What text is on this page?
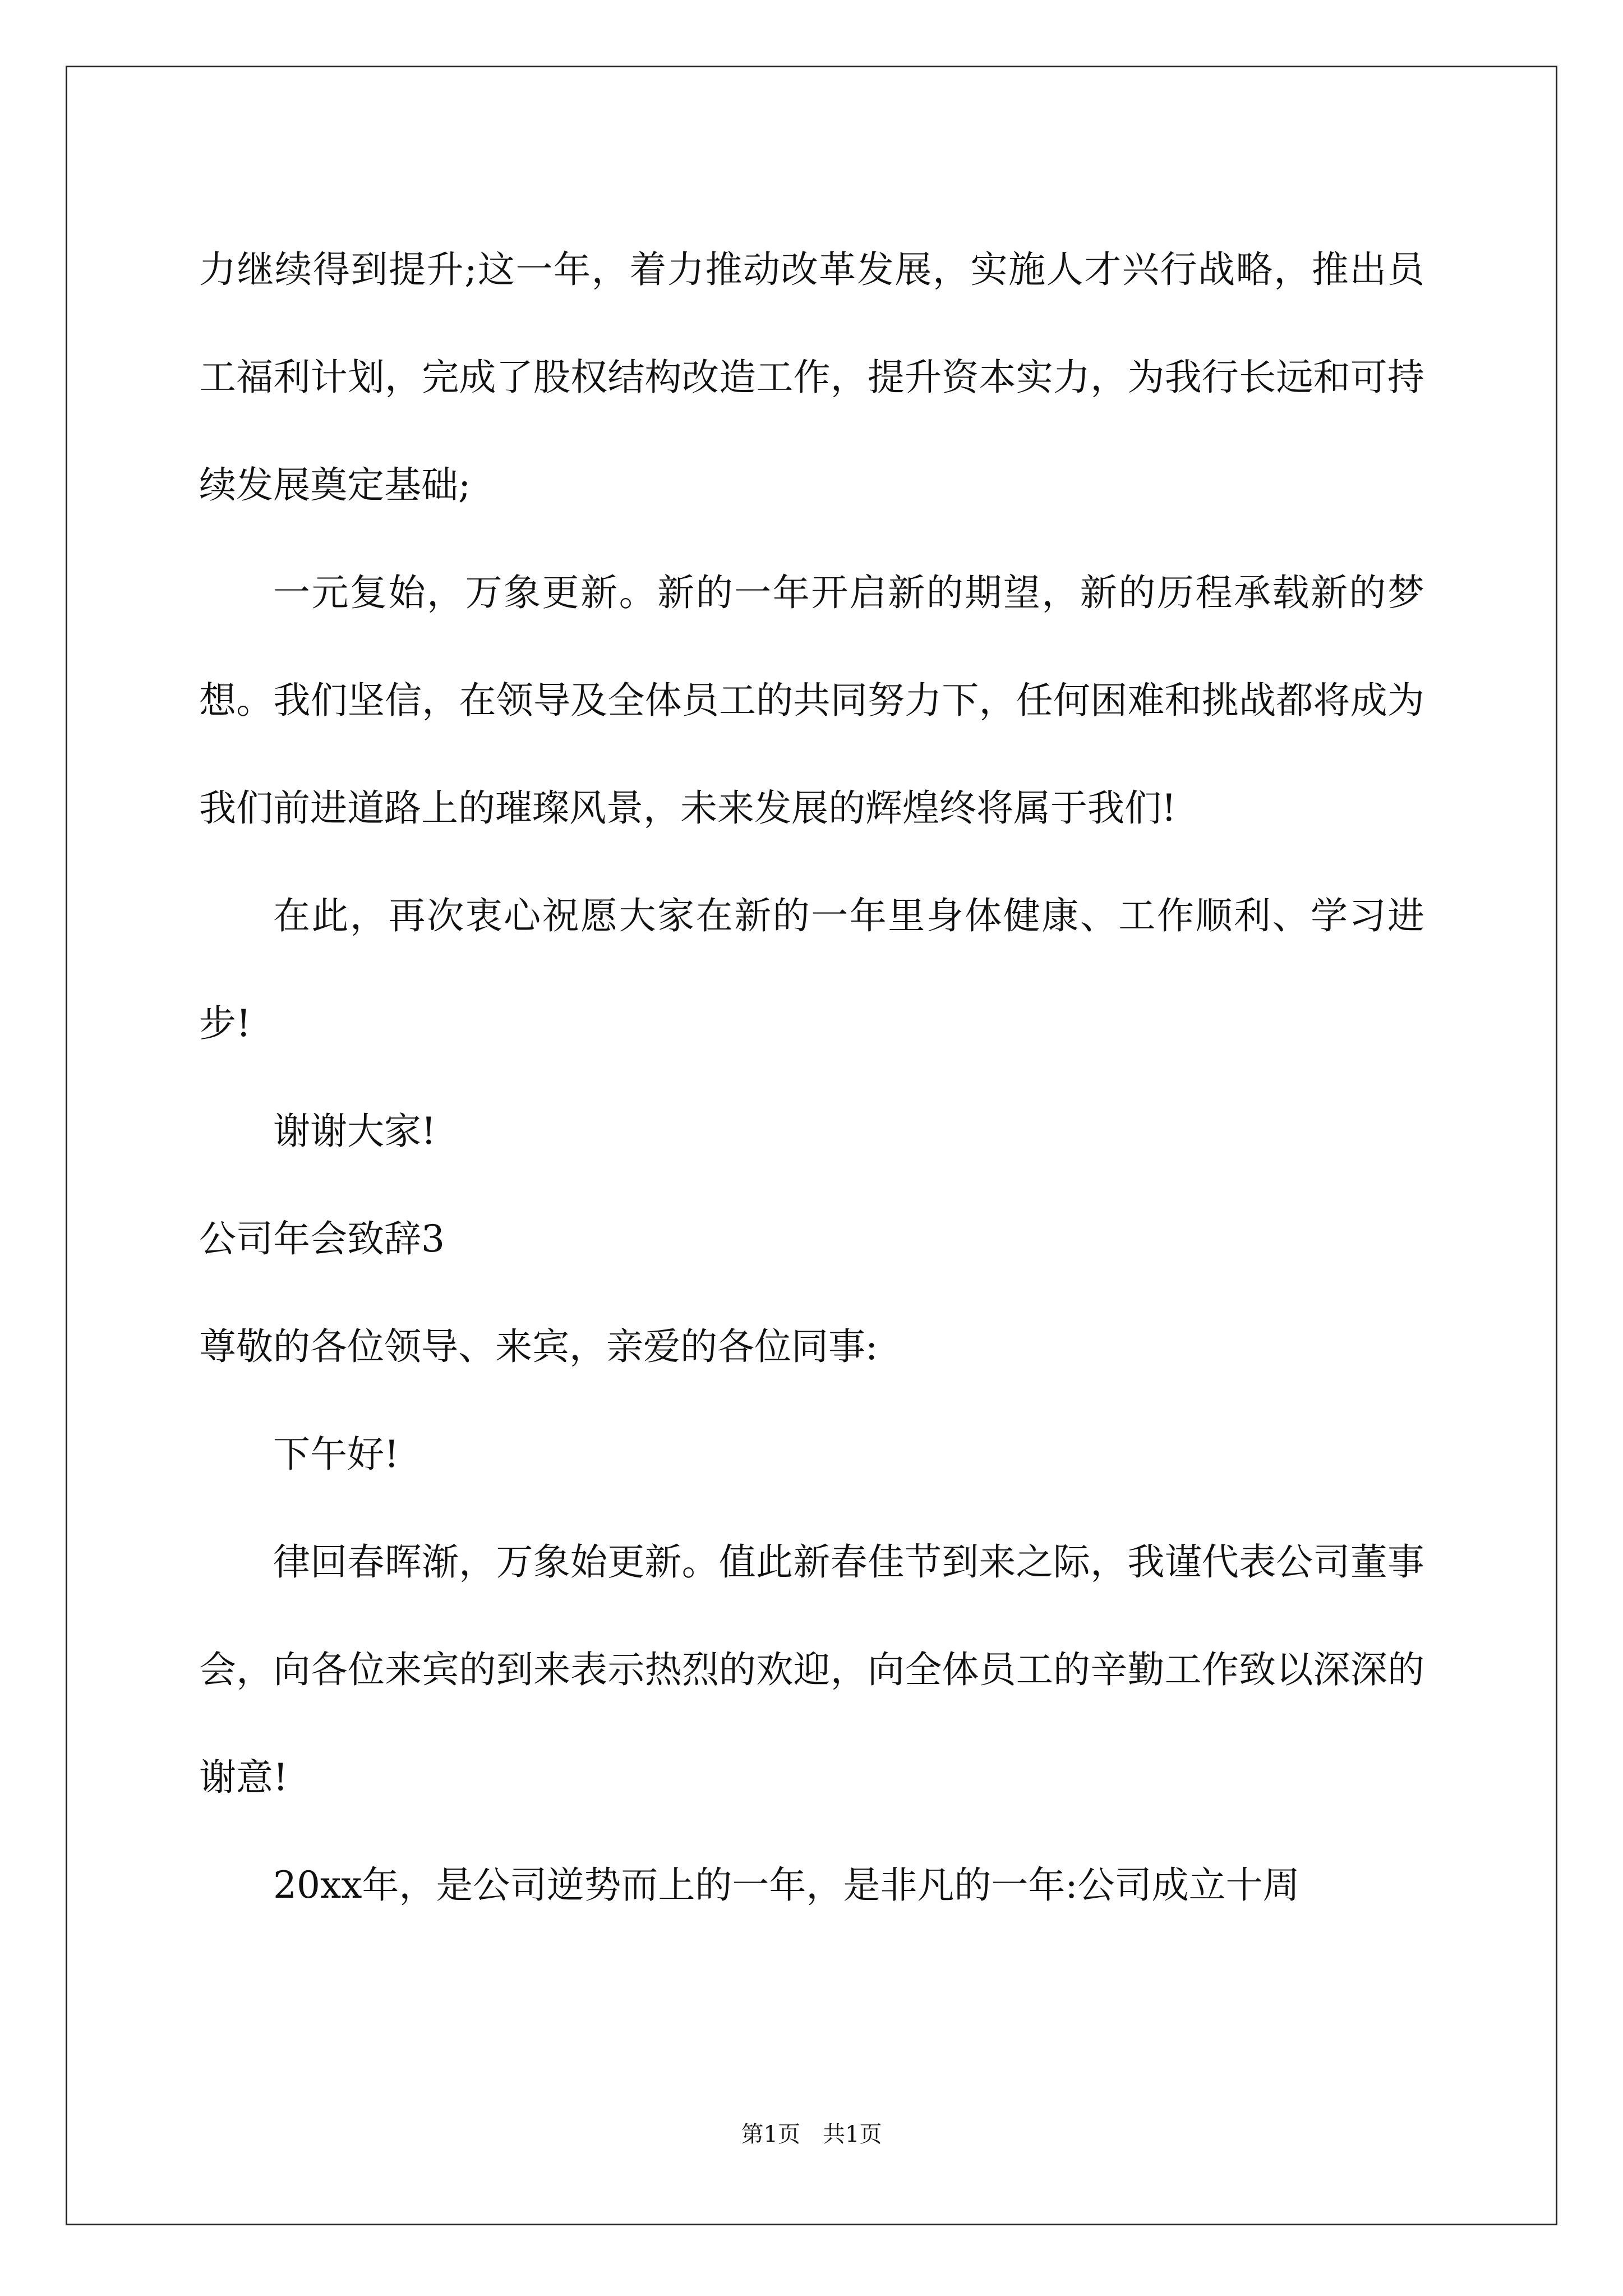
力继续得到提升;这一年，着力推动改革发展，实施人才兴行战略，推出员工福利计划，完成了股权结构改造工作，提升资本实力，为我行长远和可持续发展奠定基础;

一元复始，万象更新。新的一年开启新的期望，新的历程承载新的梦想。我们坚信，在领导及全体员工的共同努力下，任何困难和挑战都将成为我们前进道路上的璀璨风景，未来发展的辉煌终将属于我们!

在此，再次衷心祝愿大家在新的一年里身体健康、工作顺利、学习进步!

谢谢大家!

公司年会致辞3

尊敬的各位领导、来宾，亲爱的各位同事:

下午好!

律回春晖渐，万象始更新。值此新春佳节到来之际，我谨代表公司董事会，向各位来宾的到来表示热烈的欢迎，向全体员工的辛勤工作致以深深的谢意!

20xx年，是公司逆势而上的一年，是非凡的一年:公司成立十周

第1页 共1页
